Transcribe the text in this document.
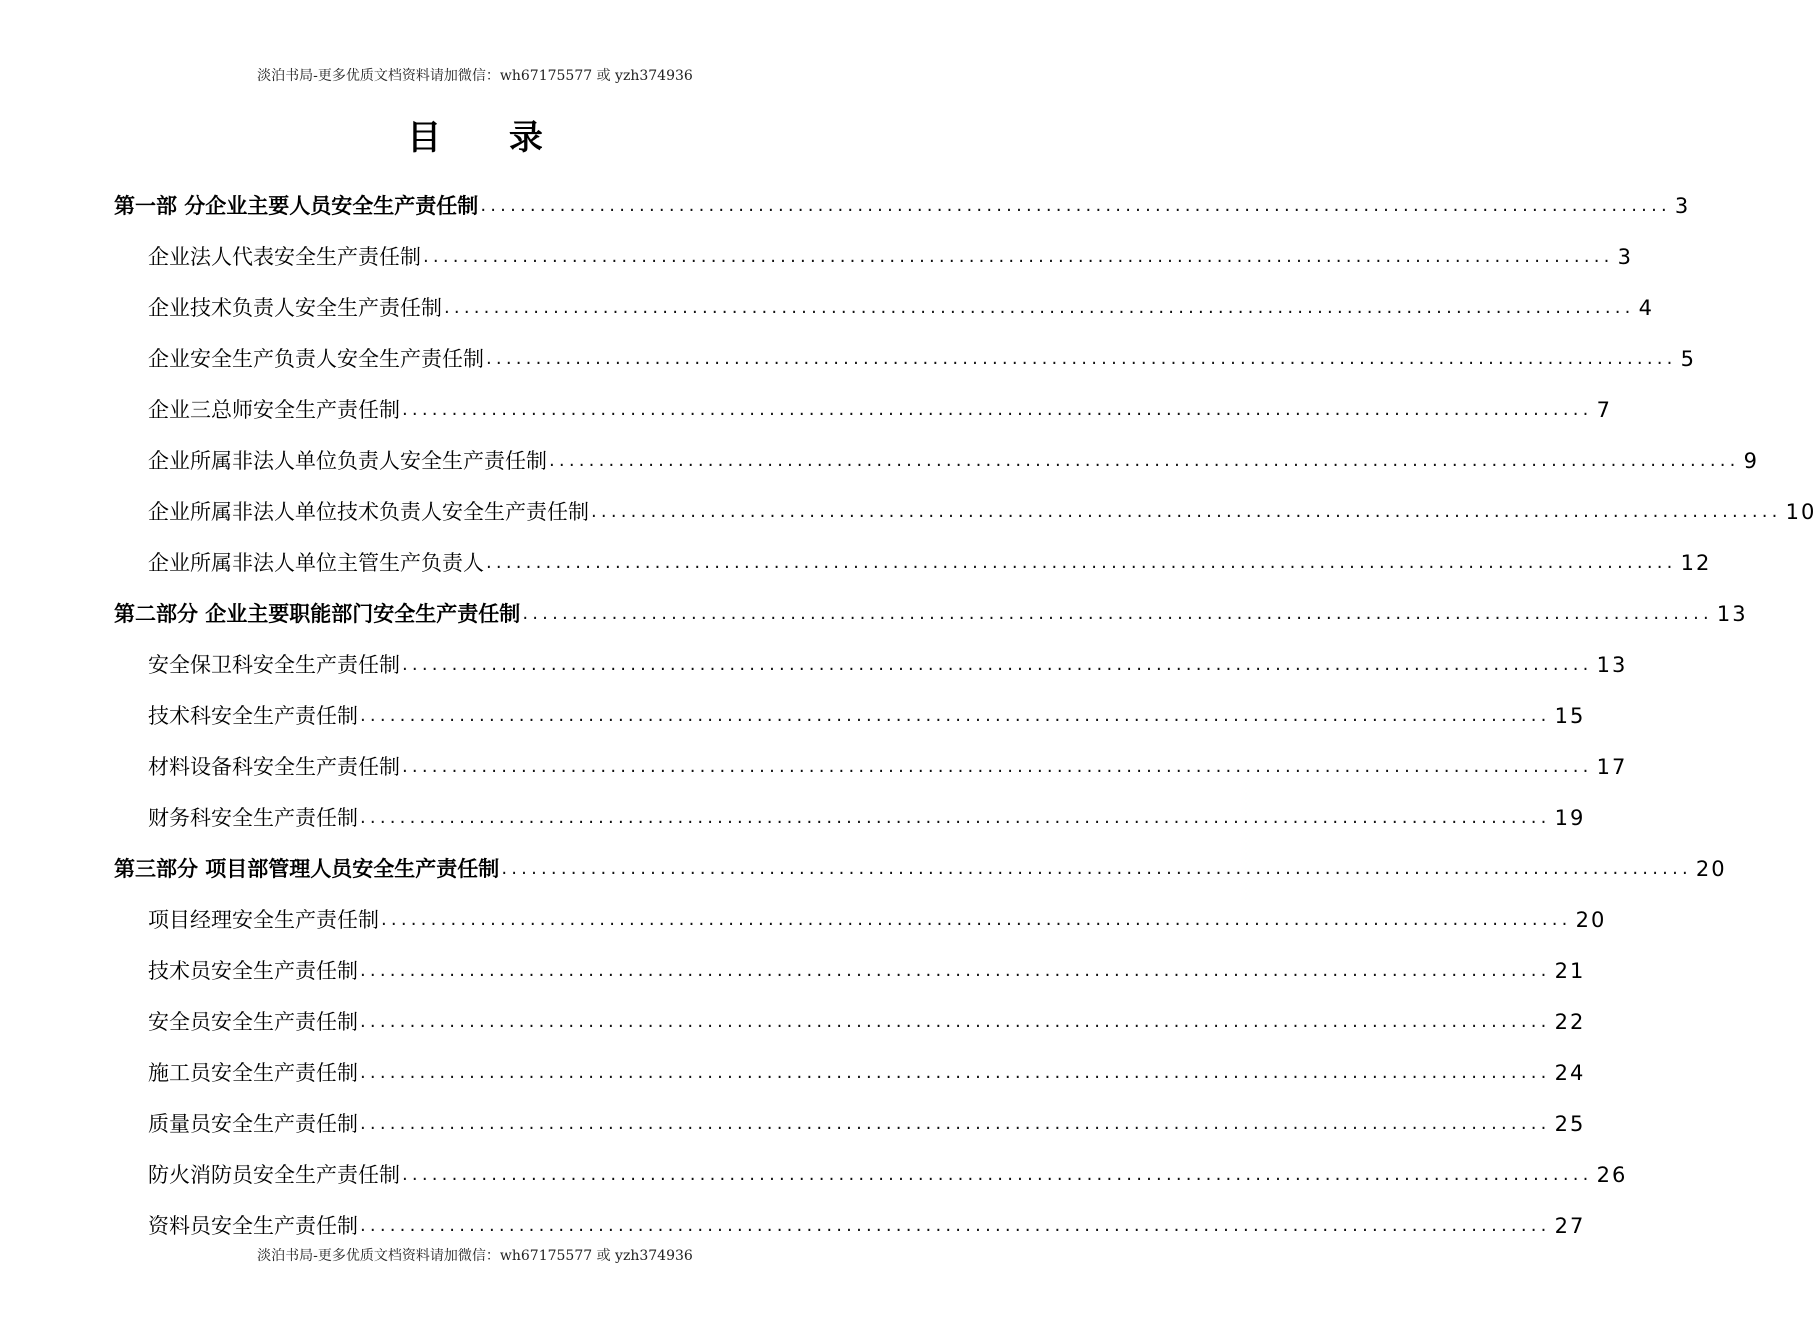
淡泊书局-更多优质文档资料请加微信：wh67175577 或 yzh374936
目 录
第一部 分企业主要人员安全生产责任制 ........................................................................................................................ 3
企业法人代表安全生产责任制 ........................................................................................................................ 3
企业技术负责人安全生产责任制 ........................................................................................................................ 4
企业安全生产负责人安全生产责任制 ........................................................................................................................ 5
企业三总师安全生产责任制 ........................................................................................................................ 7
企业所属非法人单位负责人安全生产责任制 ........................................................................................................................ 9
企业所属非法人单位技术负责人安全生产责任制 ........................................................................................................................ 10
企业所属非法人单位主管生产负责人 ........................................................................................................................ 12
第二部分 企业主要职能部门安全生产责任制 ........................................................................................................................ 13
安全保卫科安全生产责任制 ........................................................................................................................ 13
技术科安全生产责任制 ........................................................................................................................ 15
材料设备科安全生产责任制 ........................................................................................................................ 17
财务科安全生产责任制 ........................................................................................................................ 19
第三部分 项目部管理人员安全生产责任制 ........................................................................................................................ 20
项目经理安全生产责任制 ........................................................................................................................ 20
技术员安全生产责任制 ........................................................................................................................ 21
安全员安全生产责任制 ........................................................................................................................ 22
施工员安全生产责任制 ........................................................................................................................ 24
质量员安全生产责任制 ........................................................................................................................ 25
防火消防员安全生产责任制 ........................................................................................................................ 26
资料员安全生产责任制 ........................................................................................................................ 27
淡泊书局-更多优质文档资料请加微信：wh67175577 或 yzh374936
